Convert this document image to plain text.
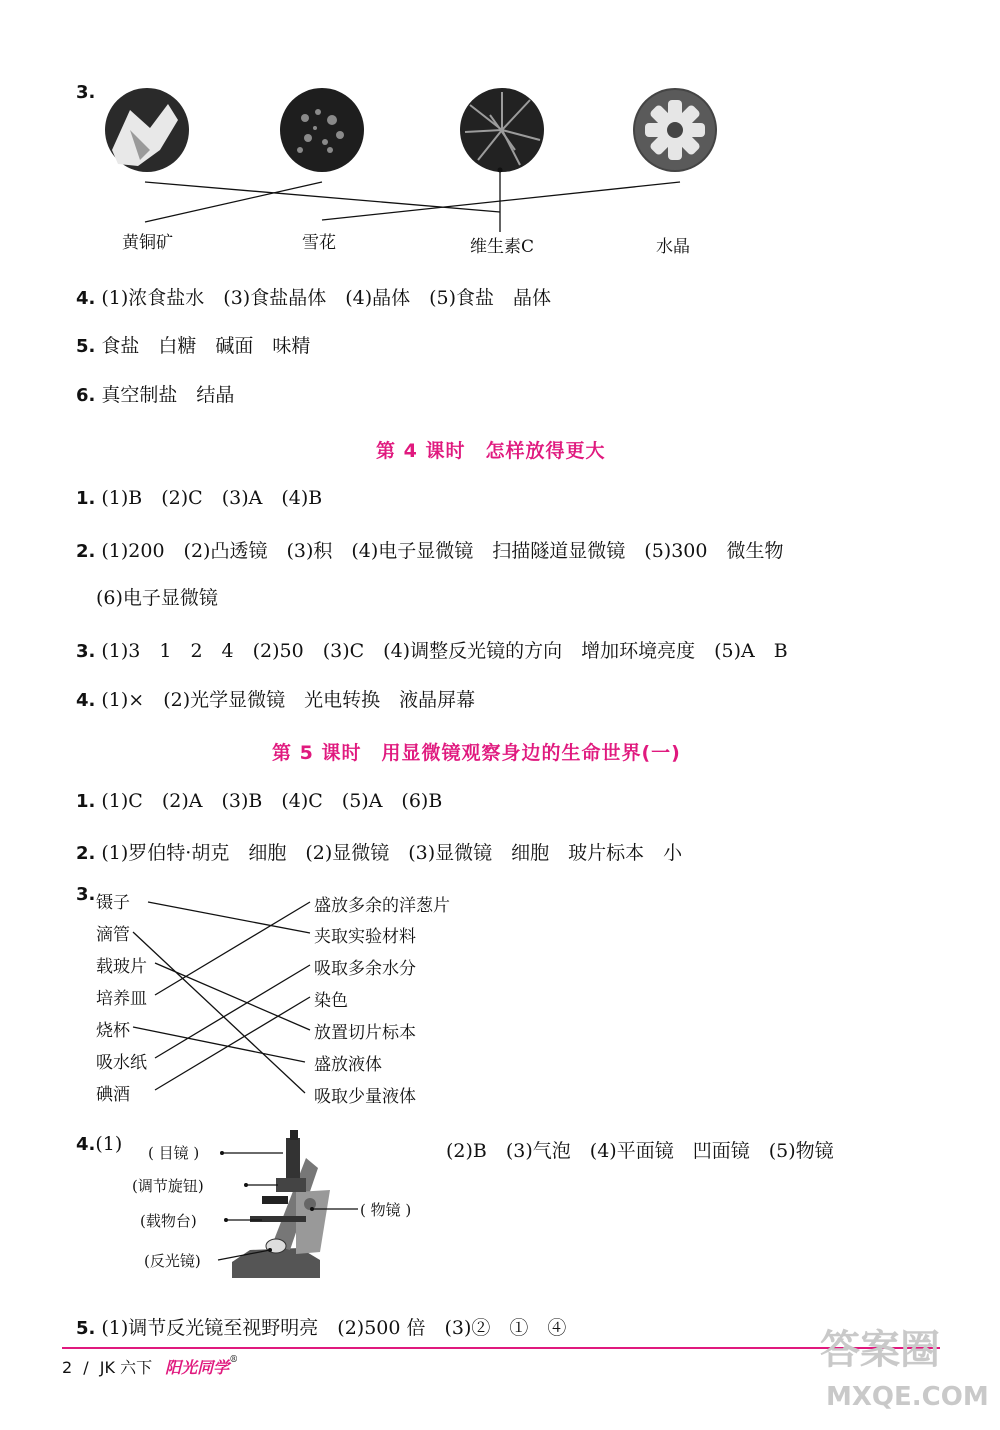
3.
黄铜矿	雪花	维生素C	水晶
4. (1)浓食盐水　(3)食盐晶体　(4)晶体　(5)食盐　晶体
5. 食盐　白糖　碱面　味精
6. 真空制盐　结晶
第 4 课时　怎样放得更大
1. (1)B　(2)C　(3)A　(4)B
2. (1)200　(2)凸透镜　(3)积　(4)电子显微镜　扫描隧道显微镜　(5)300　微生物
(6)电子显微镜
3. (1)3　1　2　4　(2)50　(3)C　(4)调整反光镜的方向　增加环境亮度　(5)A　B
4. (1)×　(2)光学显微镜　光电转换　液晶屏幕
第 5 课时　用显微镜观察身边的生命世界(一)
1. (1)C　(2)A　(3)B　(4)C　(5)A　(6)B
2. (1)罗伯特·胡克　细胞　(2)显微镜　(3)显微镜　细胞　玻片标本　小
3. 镊子
滴管
载玻片
培养皿
烧杯
吸水纸
碘酒
盛放多余的洋葱片
夹取实验材料
吸取多余水分
染色
放置切片标本
盛放液体
吸取少量液体
4.(1) ( 目镜 )
(调节旋钮)
(载物台)
(反光镜)
( 物镜 )
(2)B　(3)气泡　(4)平面镜　凹面镜　(5)物镜
5. (1)调节反光镜至视野明亮　(2)500 倍　(3)②　①　④
2 / JK 六下 阳光同学®	答案圈
MXQE.COM
